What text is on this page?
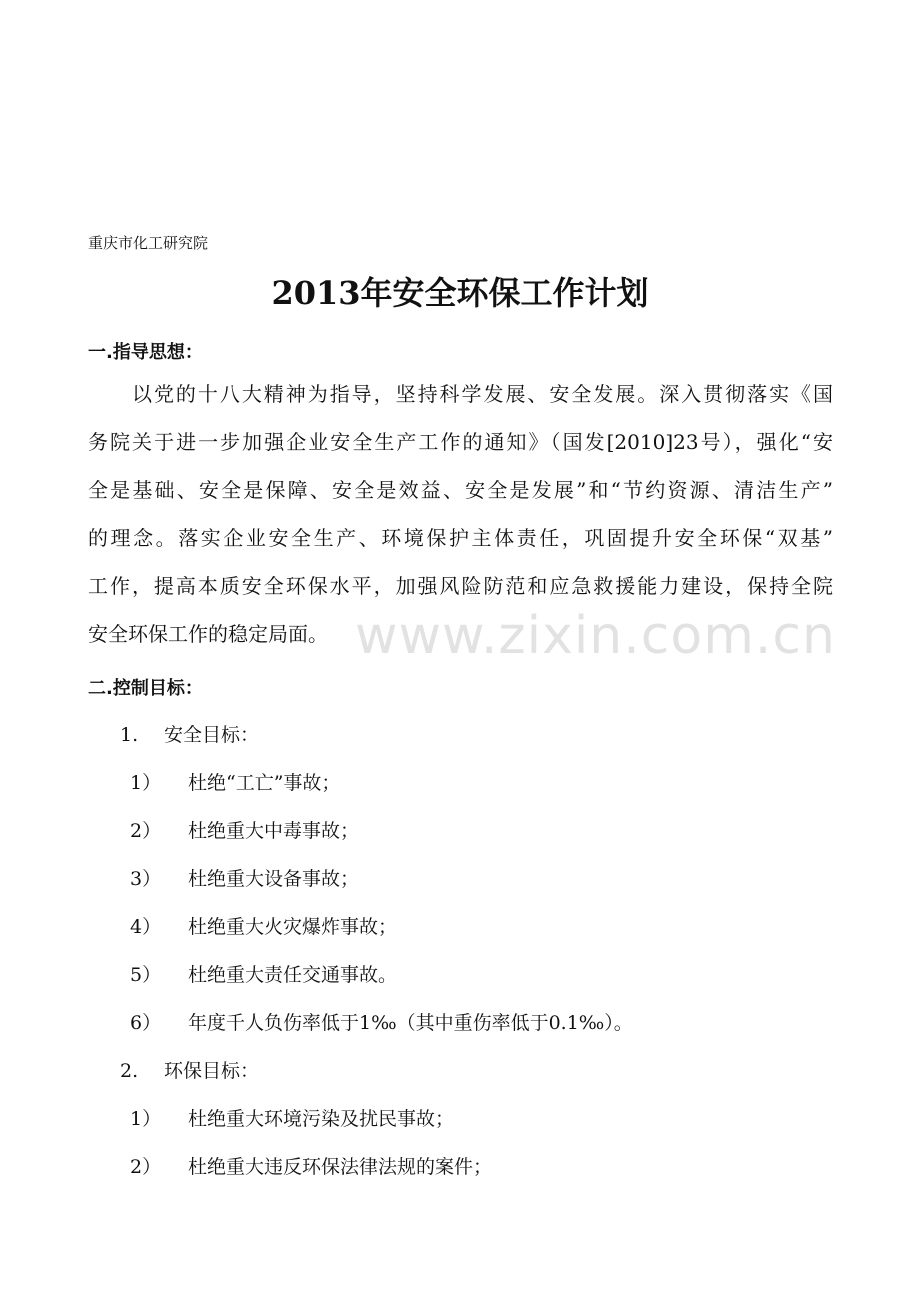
重庆市化工研究院
2013年安全环保工作计划
一.指导思想：
以党的十八大精神为指导，坚持科学发展、安全发展。深入贯彻落实《国
务院关于进一步加强企业安全生产工作的通知》（国发[2010]23号），强化“安
全是基础、安全是保障、安全是效益、安全是发展”和“节约资源、清洁生产”
的理念。落实企业安全生产、环境保护主体责任，巩固提升安全环保“双基”
工作，提高本质安全环保水平，加强风险防范和应急救援能力建设，保持全院
安全环保工作的稳定局面。
二.控制目标：
1. 安全目标：
1） 杜绝“工亡”事故；
2） 杜绝重大中毒事故；
3） 杜绝重大设备事故；
4） 杜绝重大火灾爆炸事故；
5） 杜绝重大责任交通事故。
6） 年度千人负伤率低于1‰（其中重伤率低于0.1‰）。
2. 环保目标：
1） 杜绝重大环境污染及扰民事故；
2） 杜绝重大违反环保法律法规的案件；
www.zixin.com.cn
